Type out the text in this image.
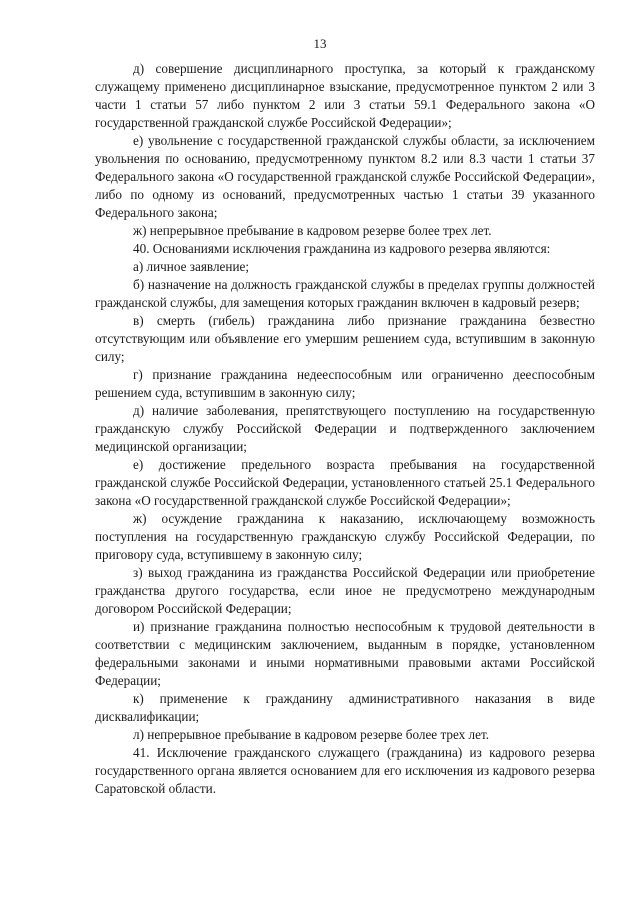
13

д) совершение дисциплинарного проступка, за который к гражданскому служащему применено дисциплинарное взыскание, предусмотренное пунктом 2 или 3 части 1 статьи 57 либо пунктом 2 или 3 статьи 59.1 Федерального закона «О государственной гражданской службе Российской Федерации»;

е) увольнение с государственной гражданской службы области, за исключением увольнения по основанию, предусмотренному пунктом 8.2 или 8.3 части 1 статьи 37 Федерального закона «О государственной гражданской службе Российской Федерации», либо по одному из оснований, предусмотренных частью 1 статьи 39 указанного Федерального закона;

ж) непрерывное пребывание в кадровом резерве более трех лет.

40. Основаниями исключения гражданина из кадрового резерва являются:

а) личное заявление;

б) назначение на должность гражданской службы в пределах группы должностей гражданской службы, для замещения которых гражданин включен в кадровый резерв;

в) смерть (гибель) гражданина либо признание гражданина безвестно отсутствующим или объявление его умершим решением суда, вступившим в законную силу;

г) признание гражданина недееспособным или ограниченно дееспособным решением суда, вступившим в законную силу;

д) наличие заболевания, препятствующего поступлению на государственную гражданскую службу Российской Федерации и подтвержденного заключением медицинской организации;

е) достижение предельного возраста пребывания на государственной гражданской службе Российской Федерации, установленного статьей 25.1 Федерального закона «О государственной гражданской службе Российской Федерации»;

ж) осуждение гражданина к наказанию, исключающему возможность поступления на государственную гражданскую службу Российской Федерации, по приговору суда, вступившему в законную силу;

з) выход гражданина из гражданства Российской Федерации или приобретение гражданства другого государства, если иное не предусмотрено международным договором Российской Федерации;

и) признание гражданина полностью неспособным к трудовой деятельности в соответствии с медицинским заключением, выданным в порядке, установленном федеральными законами и иными нормативными правовыми актами Российской Федерации;

к) применение к гражданину административного наказания в виде дисквалификации;

л) непрерывное пребывание в кадровом резерве более трех лет.

41. Исключение гражданского служащего (гражданина) из кадрового резерва государственного органа является основанием для его исключения из кадрового резерва Саратовской области.
